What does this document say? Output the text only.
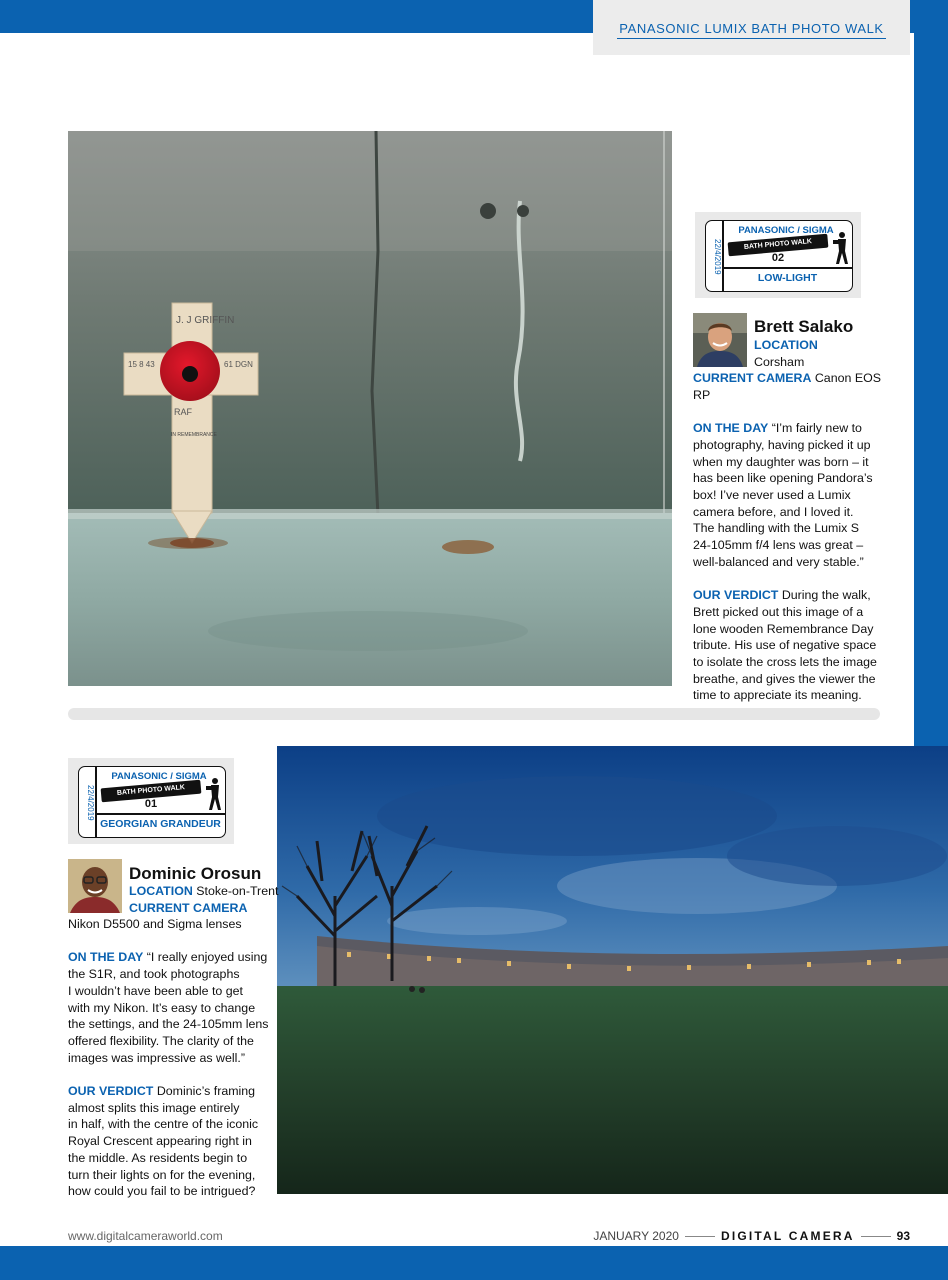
PANASONIC LUMIX BATH PHOTO WALK
J. J GRIFFIN
15 8 43	61 DGN
RAF
IN REMEMBRANCE
PANASONIC / SIGMA
22/4/2019	BATH PHOTO WALK
02
LOW-LIGHT
Brett Salako

LOCATION

Corsham

CURRENT CAMERA Canon EOS RP

ON THE DAY “I’m fairly new to

photography, having picked it up

when my daughter was born – it

has been like opening Pandora’s

box! I’ve never used a Lumix

camera before, and I loved it.

The handling with the Lumix S

24-105mm f/4 lens was great –

well-balanced and very stable.”

OUR VERDICT During the walk,

Brett picked out this image of a

lone wooden Remembrance Day

tribute. His use of negative space

to isolate the cross lets the image

breathe, and gives the viewer the

time to appreciate its meaning.

PANASONIC / SIGMA
22/4/2019	BATH PHOTO WALK
01
GEORGIAN GRANDEUR
Dominic Orosun

LOCATION Stoke-on-Trent

CURRENT CAMERA

Nikon D5500 and Sigma lenses

ON THE DAY “I really enjoyed using

the S1R, and took photographs

I wouldn’t have been able to get

with my Nikon. It’s easy to change

the settings, and the 24-105mm lens

offered flexibility. The clarity of the

images was impressive as well.”

OUR VERDICT Dominic’s framing

almost splits this image entirely

in half, with the centre of the iconic

Royal Crescent appearing right in

the middle. As residents begin to

turn their lights on for the evening,

how could you fail to be intrigued?

www.digitalcameraworld.com	JANUARY 2020	DIGITAL CAMERA	93
